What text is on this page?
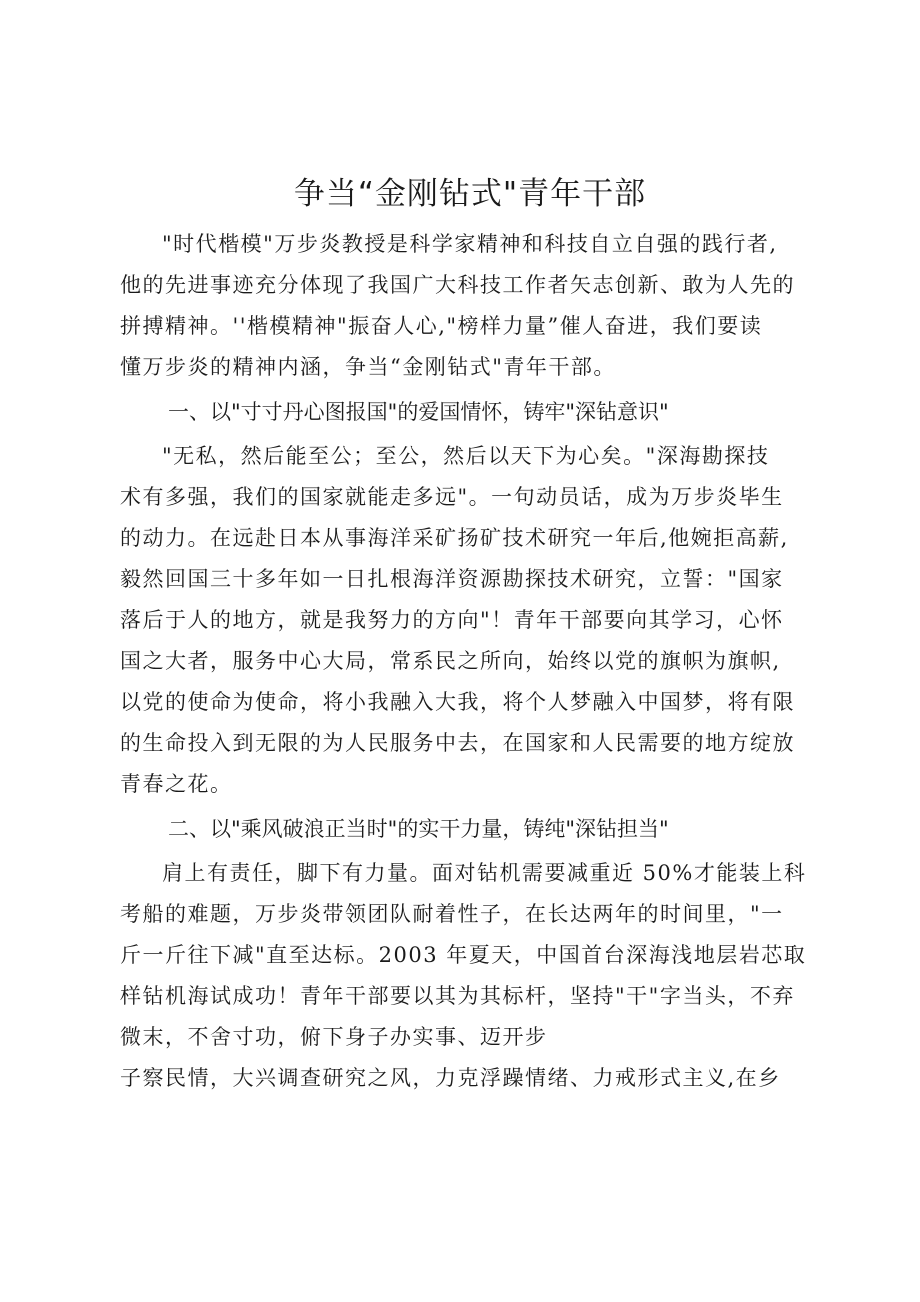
争当“金刚钻式"青年干部
"时代楷模"万步炎教授是科学家精神和科技自立自强的践行者,
他的先进事迹充分体现了我国广大科技工作者矢志创新、敢为人先的
拼搏精神。''楷模精神"振奋人心,"榜样力量”催人奋进，我们要读
懂万步炎的精神内涵，争当“金刚钻式"青年干部。
一、以"寸寸丹心图报国"的爱国情怀，铸牢"深钻意识"
"无私，然后能至公；至公，然后以天下为心矣。"深海勘探技
术有多强，我们的国家就能走多远"。一句动员话，成为万步炎毕生
的动力。在远赴日本从事海洋采矿扬矿技术研究一年后,他婉拒高薪,
毅然回国三十多年如一日扎根海洋资源勘探技术研究，立誓："国家
落后于人的地方，就是我努力的方向"！青年干部要向其学习，心怀
国之大者，服务中心大局，常系民之所向，始终以党的旗帜为旗帜,
以党的使命为使命，将小我融入大我，将个人梦融入中国梦，将有限
的生命投入到无限的为人民服务中去，在国家和人民需要的地方绽放
青春之花。
二、以"乘风破浪正当时"的实干力量，铸纯"深钻担当"
肩上有责任，脚下有力量。面对钻机需要减重近 50%才能装上科
考船的难题，万步炎带领团队耐着性子，在长达两年的时间里，"一
斤一斤往下减"直至达标。2003 年夏天，中国首台深海浅地层岩芯取
样钻机海试成功！青年干部要以其为其标杆，坚持"干"字当头，不弃
微末，不舍寸功，俯下身子办实事、迈开步
子察民情，大兴调查研究之风，力克浮躁情绪、力戒形式主义,在乡
